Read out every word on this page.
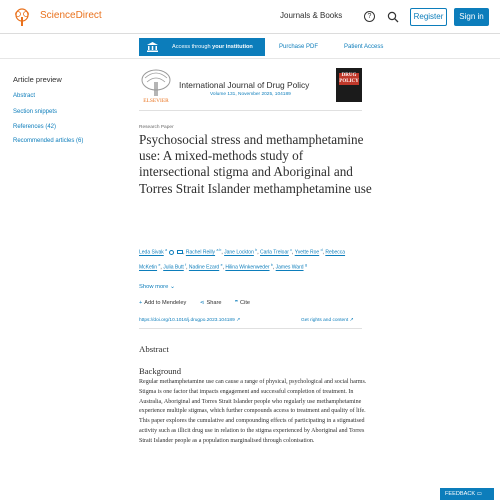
ScienceDirect	Journals & Books	?	Register	Sign in
Access through your institution	Purchase PDF	Patient Access
Article preview
Abstract
Section snippets
References (42)
Recommended articles (6)
ELSEVIER
International Journal of Drug Policy
Volume 131, November 2025, 104189
DRUG POLICY
Research Paper
Psychosocial stress and methamphetamine use: A mixed-methods study of intersectional stigma and Aboriginal and Torres Strait Islander methamphetamine use
Leda Sivak $^a$	, Rachel Reilly $^{a b}$, Jane Lockton $^b$, Carla Treloar $^c$, Yvette Roe $^d$, Rebecca McKetin $^e$, Julia Butt $^f$, Nadine Ezard $^e$, Hilina Winkenweder $^b$, James Ward $^g$
Show more ⌄
+ Add to Mendeley ⋖ Share ❞ Cite
https://doi.org/10.1016/j.drugpo.2023.104189 ↗	Get rights and content ↗
Abstract
Background

Regular methamphetamine use can cause a range of physical, psychological and social harms. Stigma is one factor that impacts engagement and successful completion of treatment. In Australia, Aboriginal and Torres Strait Islander people who regularly use methamphetamine experience multiple stigmas, which further compounds access to treatment and quality of life. This paper explores the cumulative and compounding effects of participating in a stigmatised activity such as illicit drug use in relation to the stigma experienced by Aboriginal and Torres Strait Islander people as a population marginalised through colonisation.

FEEDBACK ▭
